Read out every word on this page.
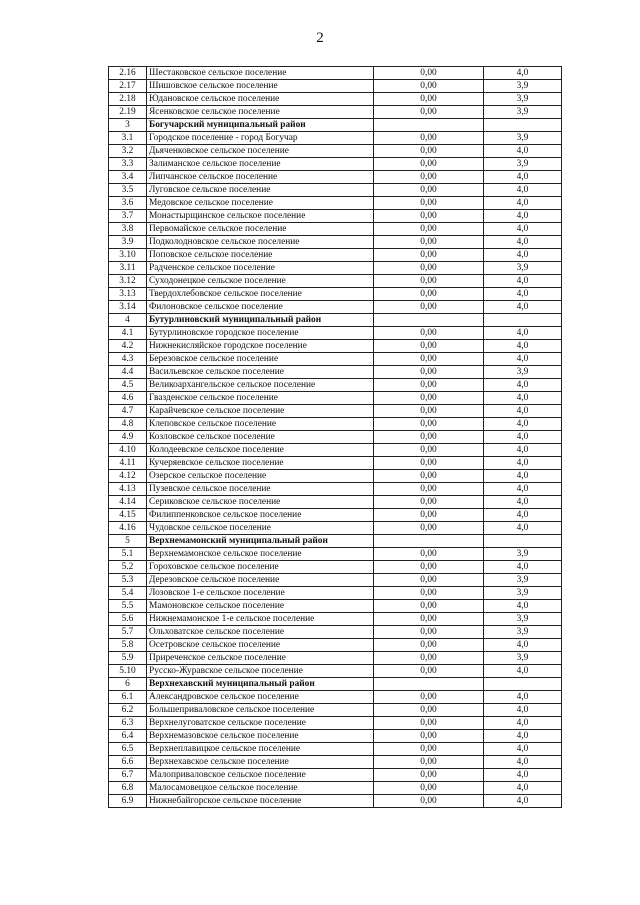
2
2.16	Шестаковское сельское поселение	0,00	4,0
2.17	Шишовское сельское поселение	0,00	3,9
2.18	Юдановское сельское поселение	0,00	3,9
2.19	Ясенковское сельское поселение	0,00	3,9
3	Богучарский муниципальный район		
3.1	Городское поселение - город Богучар	0,00	3,9
3.2	Дьяченковское сельское поселение	0,00	4,0
3.3	Залиманское сельское поселение	0,00	3,9
3.4	Липчанское сельское поселение	0,00	4,0
3.5	Луговское сельское поселение	0,00	4,0
3.6	Медовское сельское поселение	0,00	4,0
3.7	Монастырщинское сельское поселение	0,00	4,0
3.8	Первомайское сельское поселение	0,00	4,0
3.9	Подколодновское сельское поселение	0,00	4,0
3.10	Поповское сельское поселение	0,00	4,0
3.11	Радченское сельское поселение	0,00	3,9
3.12	Суходонецкое сельское поселение	0,00	4,0
3.13	Твердохлебовское сельское поселение	0,00	4,0
3.14	Филоновское сельское поселение	0,00	4,0
4	Бутурлиновский муниципальный район		
4.1	Бутурлиновское городское поселение	0,00	4,0
4.2	Нижнекисляйское городское поселение	0,00	4,0
4.3	Березовское сельское поселение	0,00	4,0
4.4	Васильевское сельское поселение	0,00	3,9
4.5	Великоархангельское сельское поселение	0,00	4,0
4.6	Гвазденское сельское поселение	0,00	4,0
4.7	Карайчевское сельское поселение	0,00	4,0
4.8	Клеповское сельское поселение	0,00	4,0
4.9	Козловское сельское поселение	0,00	4,0
4.10	Колодеевское сельское поселение	0,00	4,0
4.11	Кучеряевское сельское поселение	0,00	4,0
4.12	Озерское сельское поселение	0,00	4,0
4.13	Пузевское сельское поселение	0,00	4,0
4.14	Сериковское сельское поселение	0,00	4,0
4.15	Филиппенковское сельское поселение	0,00	4,0
4.16	Чудовское сельское поселение	0,00	4,0
5	Верхнемамонский муниципальный район		
5.1	Верхнемамонское сельское поселение	0,00	3,9
5.2	Гороховское сельское поселение	0,00	4,0
5.3	Дерезовское сельское поселение	0,00	3,9
5.4	Лозовское 1-е сельское поселение	0,00	3,9
5.5	Мамоновское сельское поселение	0,00	4,0
5.6	Нижнемамонское 1-е сельское поселение	0,00	3,9
5.7	Ольховатское сельское поселение	0,00	3,9
5.8	Осетровское сельское поселение	0,00	4,0
5.9	Приреченское сельское поселение	0,00	3,9
5.10	Русско-Журавское сельское поселение	0,00	4,0
6	Верхнехавский муниципальный район		
6.1	Александровское сельское поселение	0,00	4,0
6.2	Большеприваловское сельское поселение	0,00	4,0
6.3	Верхнелуговатское сельское поселение	0,00	4,0
6.4	Верхнемазовское сельское поселение	0,00	4,0
6.5	Верхнеплавицкое сельское поселение	0,00	4,0
6.6	Верхнехавское сельское поселение	0,00	4,0
6.7	Малоприваловское сельское поселение	0,00	4,0
6.8	Малосамовецкое сельское поселение	0,00	4,0
6.9	Нижнебайгорское сельское поселение	0,00	4,0
